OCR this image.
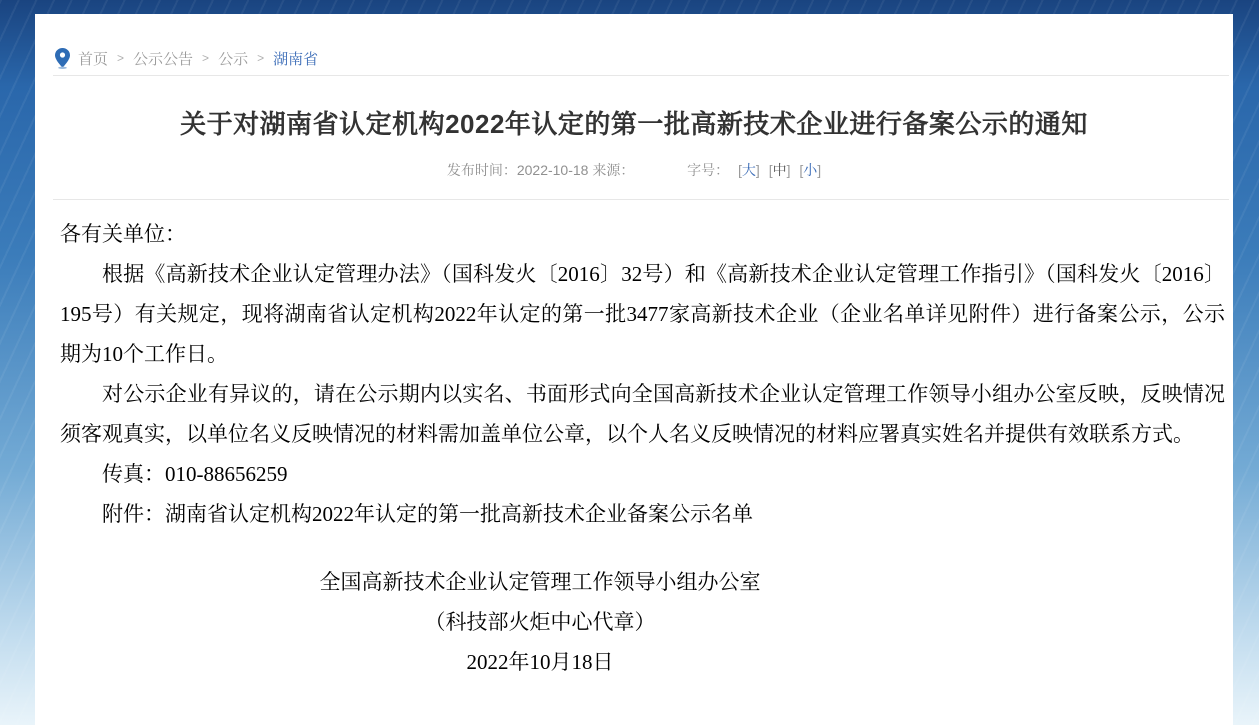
首页 > 公示公告 > 公示 > 湖南省
关于对湖南省认定机构2022年认定的第一批高新技术企业进行备案公示的通知
发布时间：2022-10-18 来源：	字号： [大] [中] [小]

各有关单位：

根据《高新技术企业认定管理办法》（国科发火〔2016〕32号）和《高新技术企业认定管理工作指引》（国科发火〔2016〕195号）有关规定，现将湖南省认定机构2022年认定的第一批3477家高新技术企业（企业名单详见附件）进行备案公示，公示期为10个工作日。

对公示企业有异议的，请在公示期内以实名、书面形式向全国高新技术企业认定管理工作领导小组办公室反映，反映情况须客观真实，以单位名义反映情况的材料需加盖单位公章，以个人名义反映情况的材料应署真实姓名并提供有效联系方式。

传真：010-88656259

附件：湖南省认定机构2022年认定的第一批高新技术企业备案公示名单

全国高新技术企业认定管理工作领导小组办公室

（科技部火炬中心代章）

2022年10月18日
